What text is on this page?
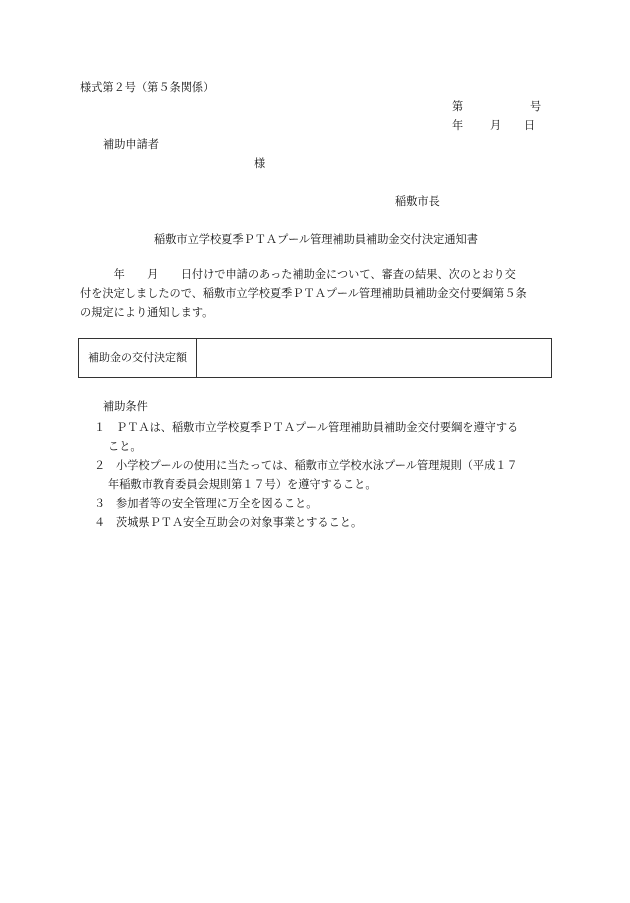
様式第２号（第５条関係）
第	号
年 月 日
補助申請者
様
稲敷市長
稲敷市立学校夏季ＰＴＡプール管理補助員補助金交付決定通知書
　　　年　　月　　日付けで申請のあった補助金について、審査の結果、次のとおり交
付を決定しましたので、稲敷市立学校夏季ＰＴＡプール管理補助員補助金交付要綱第５条
の規定により通知します。
補助金の交付決定額
補助条件
１ ＰＴＡは、稲敷市立学校夏季ＰＴＡプール管理補助員補助金交付要綱を遵守する
こと。
２ 小学校プールの使用に当たっては、稲敷市立学校水泳プール管理規則（平成１７
年稲敷市教育委員会規則第１７号）を遵守すること。
３ 参加者等の安全管理に万全を図ること。
４ 茨城県ＰＴＡ安全互助会の対象事業とすること。
